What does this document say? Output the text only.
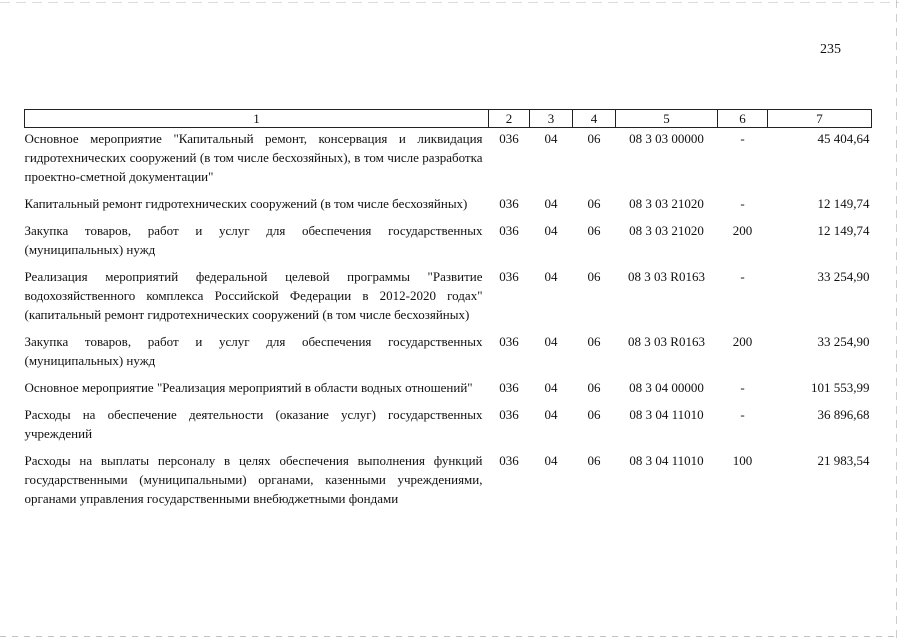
235
1	2	3	4	5	6	7
Основное мероприятие "Капитальный ремонт, консервация и ликвидация гидротехнических сооружений (в том числе бесхозяйных), в том числе разработка проектно-сметной документации"	036	04	06	08 3 03 00000	-	45 404,64
Капитальный ремонт гидротехнических сооружений (в том числе бесхозяйных)	036	04	06	08 3 03 21020	-	12 149,74
Закупка товаров, работ и услуг для обеспечения государственных (муниципальных) нужд	036	04	06	08 3 03 21020	200	12 149,74
Реализация мероприятий федеральной целевой программы "Развитие водохозяйственного комплекса Российской Федерации в 2012-2020 годах" (капитальный ремонт гидротехнических сооружений (в том числе бесхозяйных)	036	04	06	08 3 03 R0163	-	33 254,90
Закупка товаров, работ и услуг для обеспечения государственных (муниципальных) нужд	036	04	06	08 3 03 R0163	200	33 254,90
Основное мероприятие "Реализация мероприятий в области водных отношений"	036	04	06	08 3 04 00000	-	101 553,99
Расходы на обеспечение деятельности (оказание услуг) государственных учреждений	036	04	06	08 3 04 11010	-	36 896,68
Расходы на выплаты персоналу в целях обеспечения выполнения функций государственными (муниципальными) органами, казенными учреждениями, органами управления государственными внебюджетными фондами	036	04	06	08 3 04 11010	100	21 983,54
